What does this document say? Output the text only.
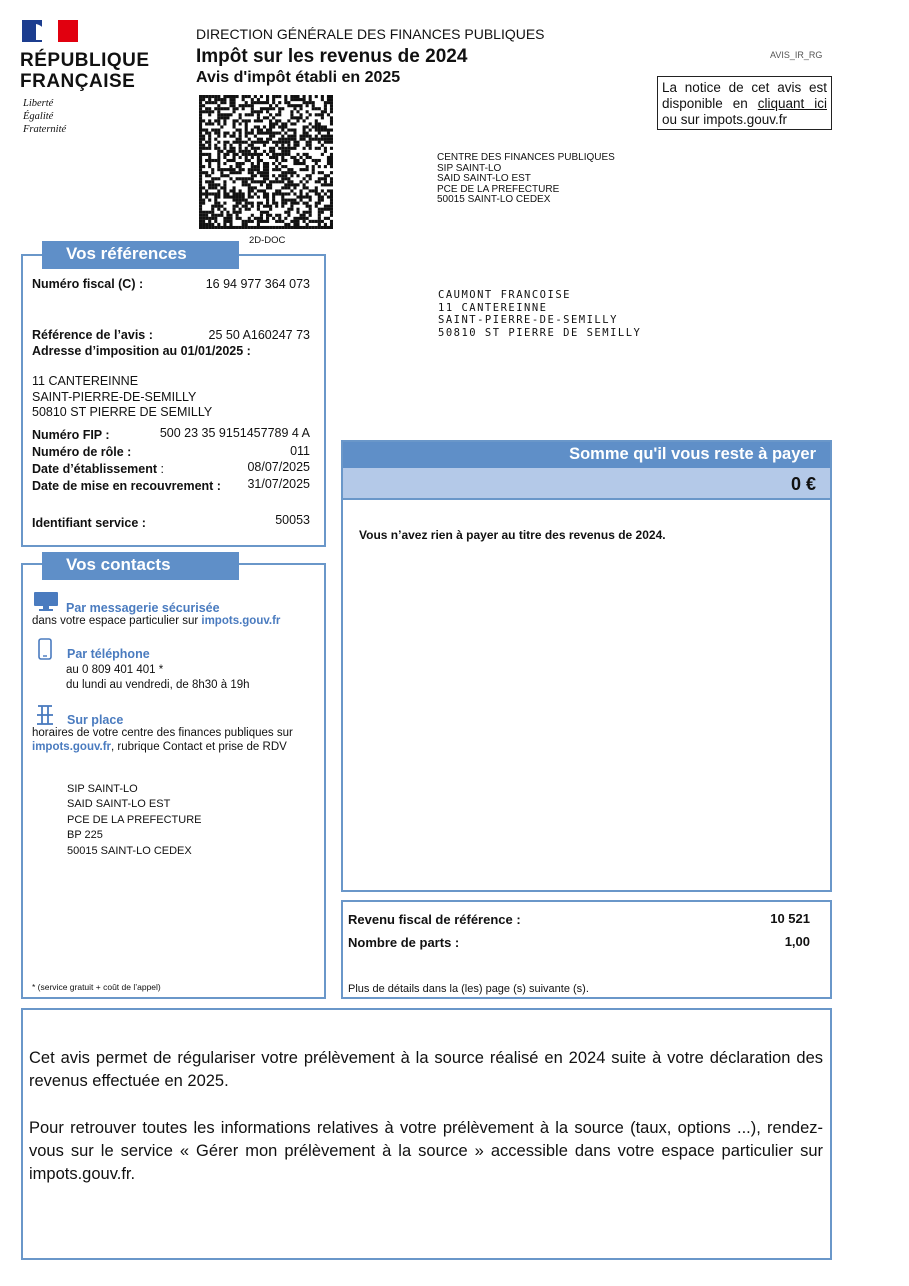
RÉPUBLIQUE
FRANÇAISE
Liberté
Égalité
Fraternité
DIRECTION GÉNÉRALE DES FINANCES PUBLIQUES
Impôt sur les revenus de 2024
Avis d'impôt établi en 2025
AVIS_IR_RG
La notice de cet avis est disponible en cliquant ici ou sur impots.gouv.fr
2D-DOC
CENTRE DES FINANCES PUBLIQUES
SIP SAINT-LO
SAID SAINT-LO EST
PCE DE LA PREFECTURE
50015 SAINT-LO CEDEX
CAUMONT FRANCOISE
11 CANTEREINNE
SAINT-PIERRE-DE-SEMILLY
50810 ST PIERRE DE SEMILLY
Vos références
Numéro fiscal (C) :	16 94 977 364 073
Référence de l’avis :	25 50 A160247 73
Adresse d’imposition au 01/01/2025 :
11 CANTEREINNE
SAINT-PIERRE-DE-SEMILLY
50810 ST PIERRE DE SEMILLY
Numéro FIP :	500 23 35 9151457789 4 A
Numéro de rôle :	011
Date d’établissement :	08/07/2025
Date de mise en recouvrement :	31/07/2025
Identifiant service :	50053
Vos contacts
Par messagerie sécurisée
dans votre espace particulier sur impots.gouv.fr
Par téléphone
au 0 809 401 401 *
du lundi au vendredi, de 8h30 à 19h
Sur place
horaires de votre centre des finances publiques sur
impots.gouv.fr, rubrique Contact et prise de RDV
SIP SAINT-LO
SAID SAINT-LO EST
PCE DE LA PREFECTURE
BP 225
50015 SAINT-LO CEDEX
* (service gratuit + coût de l’appel)
Somme qu'il vous reste à payer
0 €
Vous n’avez rien à payer au titre des revenus de 2024.
Revenu fiscal de référence :	10 521
Nombre de parts :	1,00
Plus de détails dans la (les) page (s) suivante (s).
Cet avis permet de régulariser votre prélèvement à la source réalisé en 2024 suite à votre déclaration des revenus effectuée en 2025.
Pour retrouver toutes les informations relatives à votre prélèvement à la source (taux, options ...), rendez-vous sur le service « Gérer mon prélèvement à la source » accessible dans votre espace particulier sur impots.gouv.fr.
